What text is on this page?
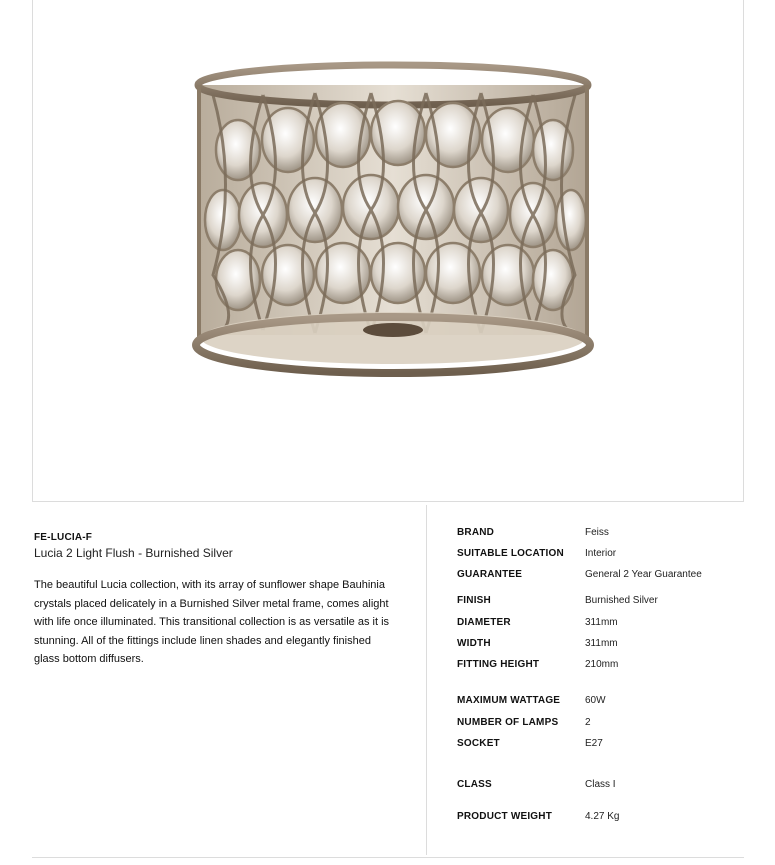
FE-LUCIA-F
Lucia 2 Light Flush - Burnished Silver
The beautiful Lucia collection, with its array of sunflower shape Bauhinia crystals placed delicately in a Burnished Silver metal frame, comes alight with life once illuminated. This transitional collection is as versatile as it is stunning. All of the fittings include linen shades and elegantly finished glass bottom diffusers.
BRAND	Feiss
SUITABLE LOCATION Interior
GUARANTEE	General 2 Year Guarantee
FINISH	Burnished Silver
DIAMETER	311mm
WIDTH	311mm
FITTING HEIGHT	210mm
MAXIMUM WATTAGE 60W
NUMBER OF LAMPS	2
SOCKET	E27
CLASS	Class I
PRODUCT WEIGHT	4.27 Kg
